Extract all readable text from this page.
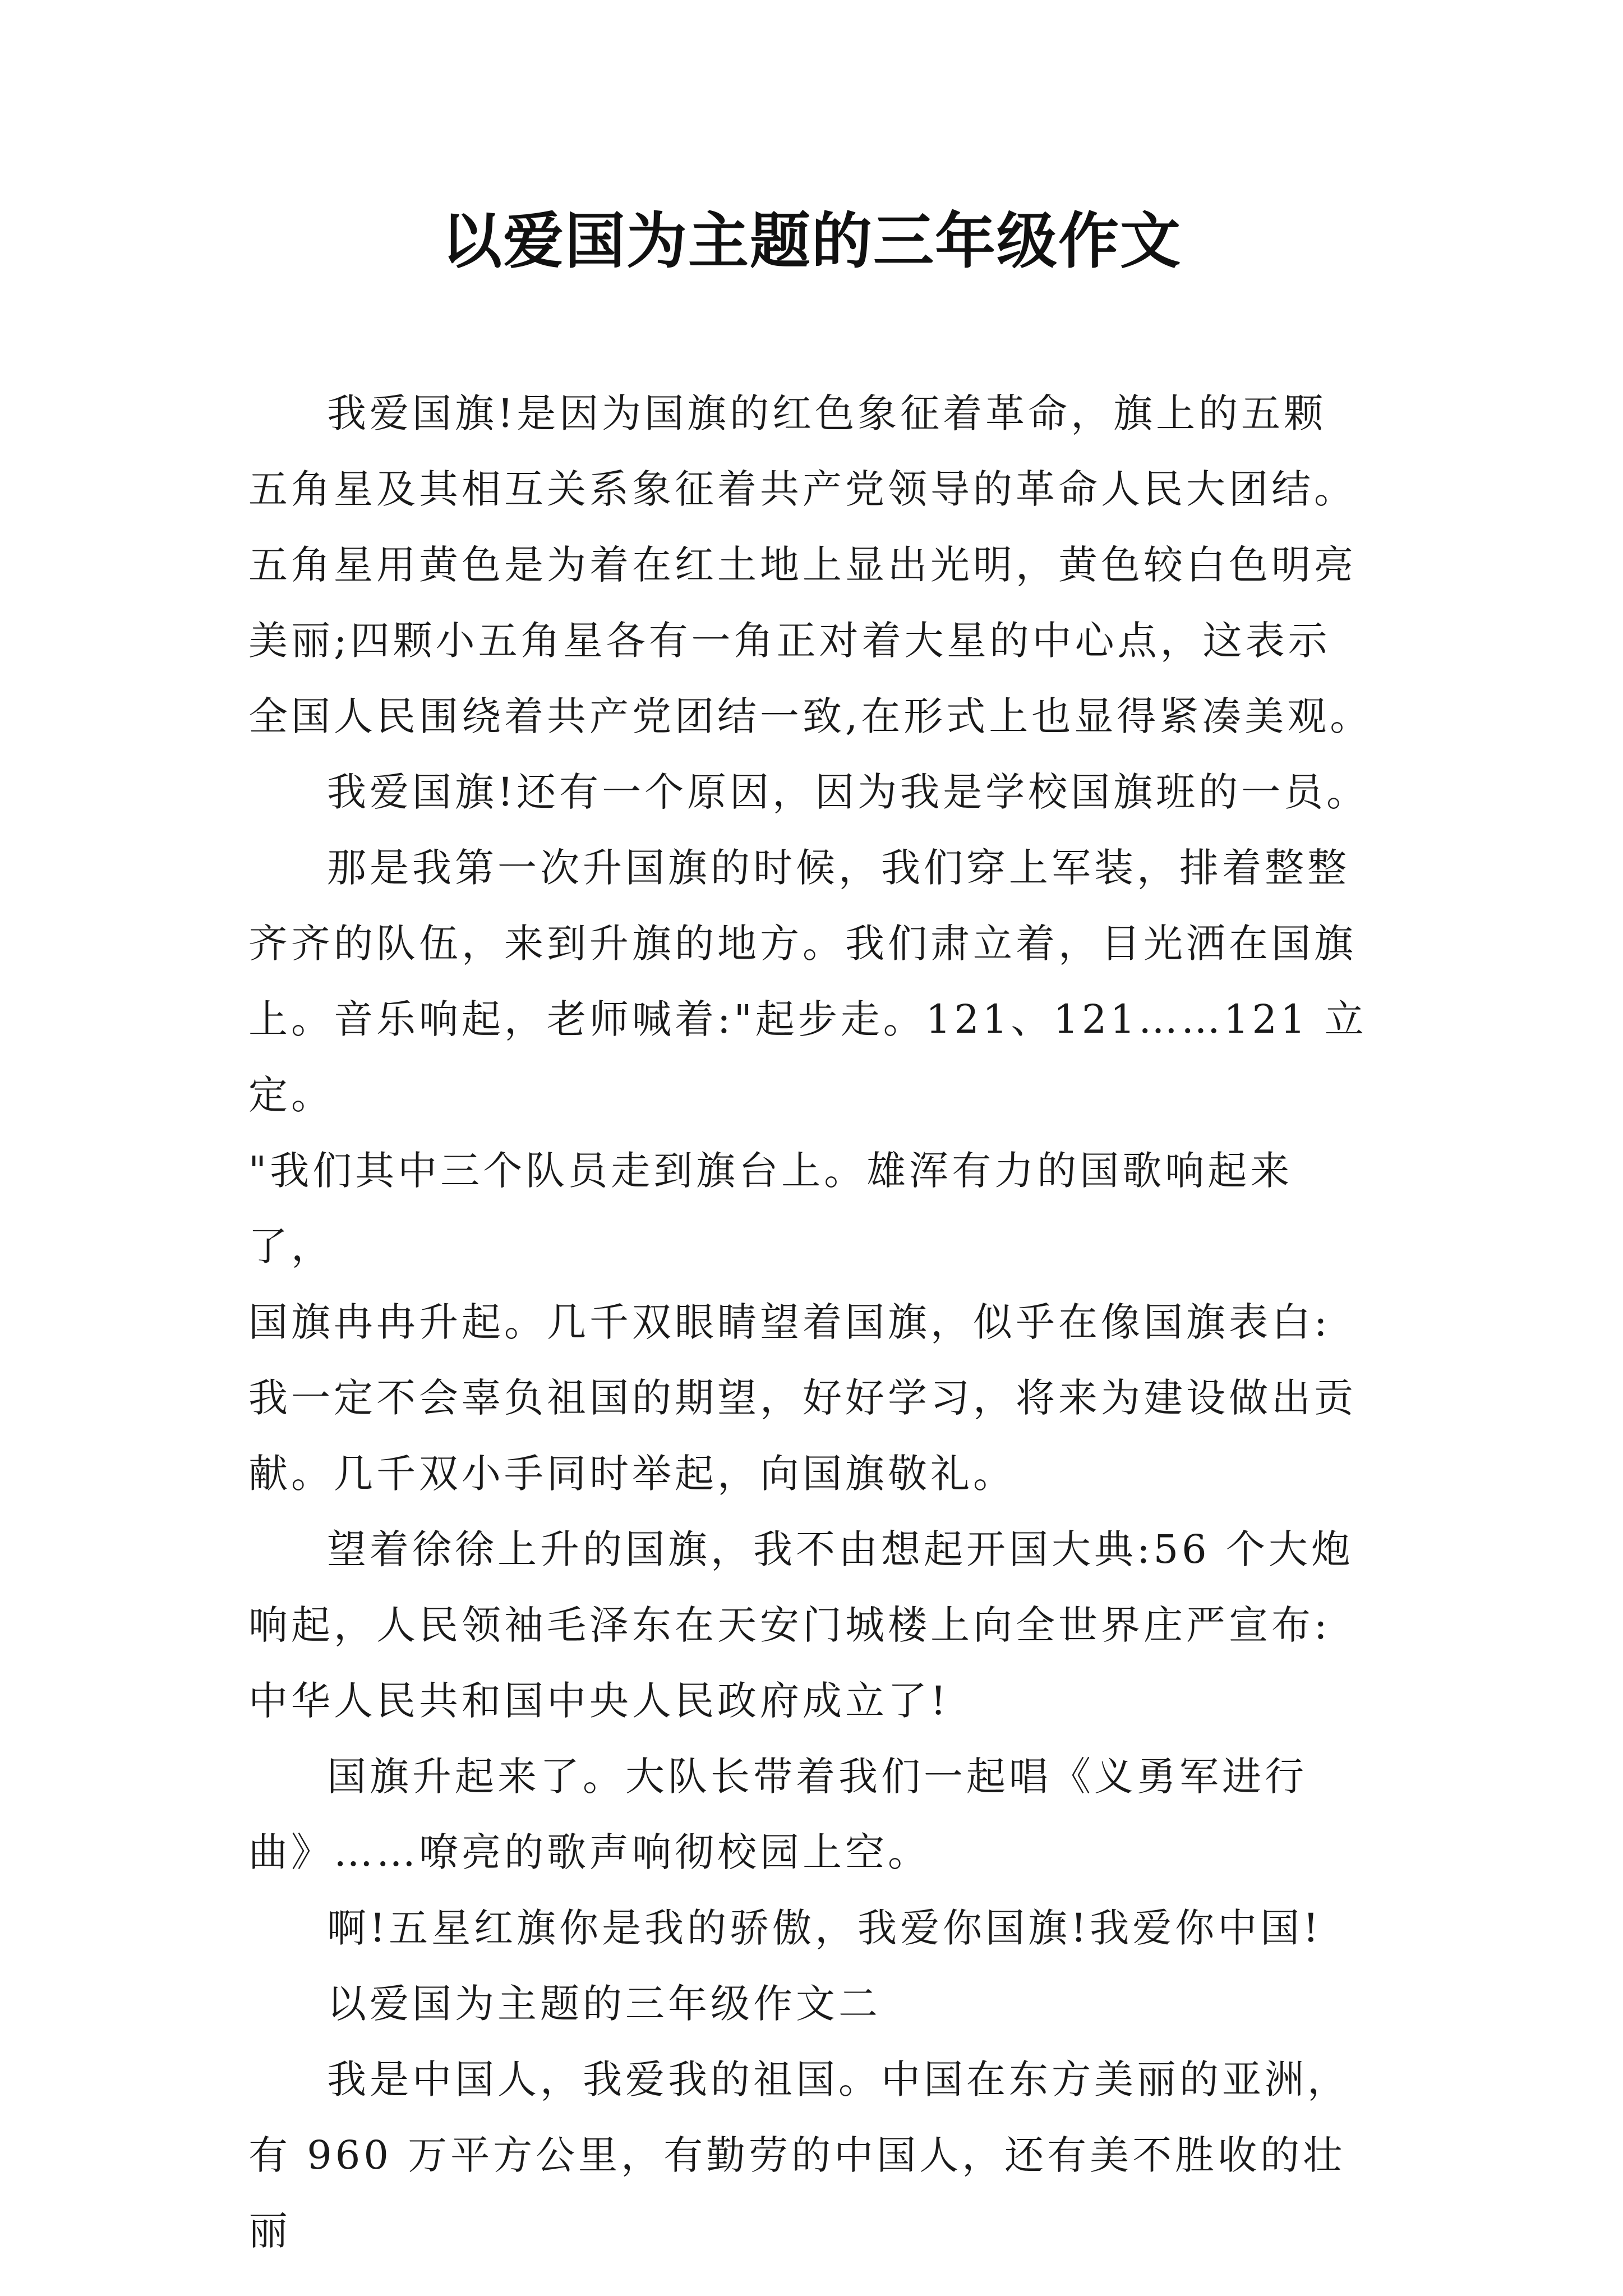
以爱国为主题的三年级作文

我爱国旗!是因为国旗的红色象征着革命，旗上的五颗
五角星及其相互关系象征着共产党领导的革命人民大团结。
五角星用黄色是为着在红土地上显出光明，黄色较白色明亮
美丽;四颗小五角星各有一角正对着大星的中心点，这表示
全国人民围绕着共产党团结一致,在形式上也显得紧凑美观。

我爱国旗!还有一个原因，因为我是学校国旗班的一员。

那是我第一次升国旗的时候，我们穿上军装，排着整整
齐齐的队伍，来到升旗的地方。我们肃立着，目光洒在国旗
上。音乐响起，老师喊着:"起步走。121、121……121 立定。
"我们其中三个队员走到旗台上。雄浑有力的国歌响起来了，
国旗冉冉升起。几千双眼睛望着国旗，似乎在像国旗表白:
我一定不会辜负祖国的期望，好好学习，将来为建设做出贡
献。几千双小手同时举起，向国旗敬礼。

望着徐徐上升的国旗，我不由想起开国大典:56 个大炮
响起，人民领袖毛泽东在天安门城楼上向全世界庄严宣布:
中华人民共和国中央人民政府成立了!

国旗升起来了。大队长带着我们一起唱《义勇军进行
曲》……嘹亮的歌声响彻校园上空。

啊!五星红旗你是我的骄傲，我爱你国旗!我爱你中国!

以爱国为主题的三年级作文二

我是中国人，我爱我的祖国。中国在东方美丽的亚洲，
有 960 万平方公里，有勤劳的中国人，还有美不胜收的壮丽
